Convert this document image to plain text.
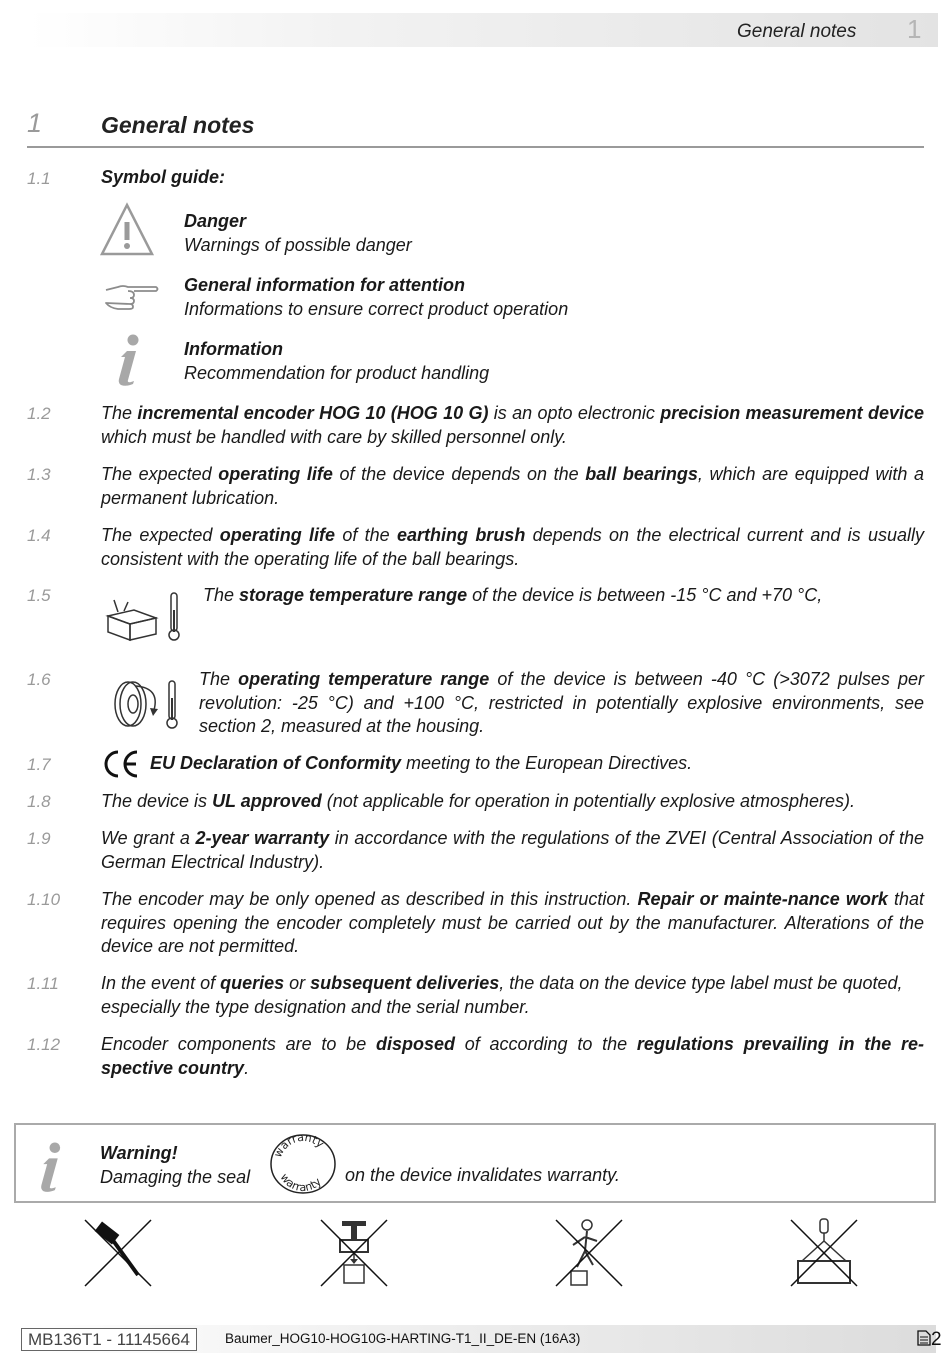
General notes 1
1	General notes
1.1	Symbol guide:
Danger
Warnings of possible danger
General information for attention
Informations to ensure correct product operation
Information
Recommendation for product handling
1.2	The incremental encoder HOG 10 (HOG 10 G) is an opto electronic precision measurement device which must be handled with care by skilled personnel only.
1.3	The expected operating life of the device depends on the ball bearings, which are equipped with a permanent lubrication.
1.4	The expected operating life of the earthing brush depends on the electrical current and is usually consistent with the operating life of the ball bearings.
1.5	The storage temperature range of the device is between -15 °C and +70 °C,
1.6	The operating temperature range of the device is between -40 °C (>3072 pulses per revolution: -25 °C) and +100 °C, restricted in potentially explosive environments, see section 2, measured at the housing.
1.7	EU Declaration of Conformity meeting to the European Directives.
1.8	The device is UL approved (not applicable for operation in potentially explosive atmospheres).
1.9	We grant a 2-year warranty in accordance with the regulations of the ZVEI (Central Association of the German Electrical Industry).
1.10 The encoder may be only opened as described in this instruction. Repair or mainte-nance work that requires opening the encoder completely must be carried out by the manufacturer. Alterations of the device are not permitted.
1.11 In the event of queries or subsequent deliveries, the data on the device type label must be quoted, especially the type designation and the serial number.
1.12 Encoder components are to be disposed of according to the regulations prevailing in the re-spective country.
Warning!
Damaging the seal
warranty
warranty on the device invalidates warranty.
MB136T1 - 11145664	Baumer_HOG10-HOG10G-HARTING-T1_II_DE-EN (16A3)	2
